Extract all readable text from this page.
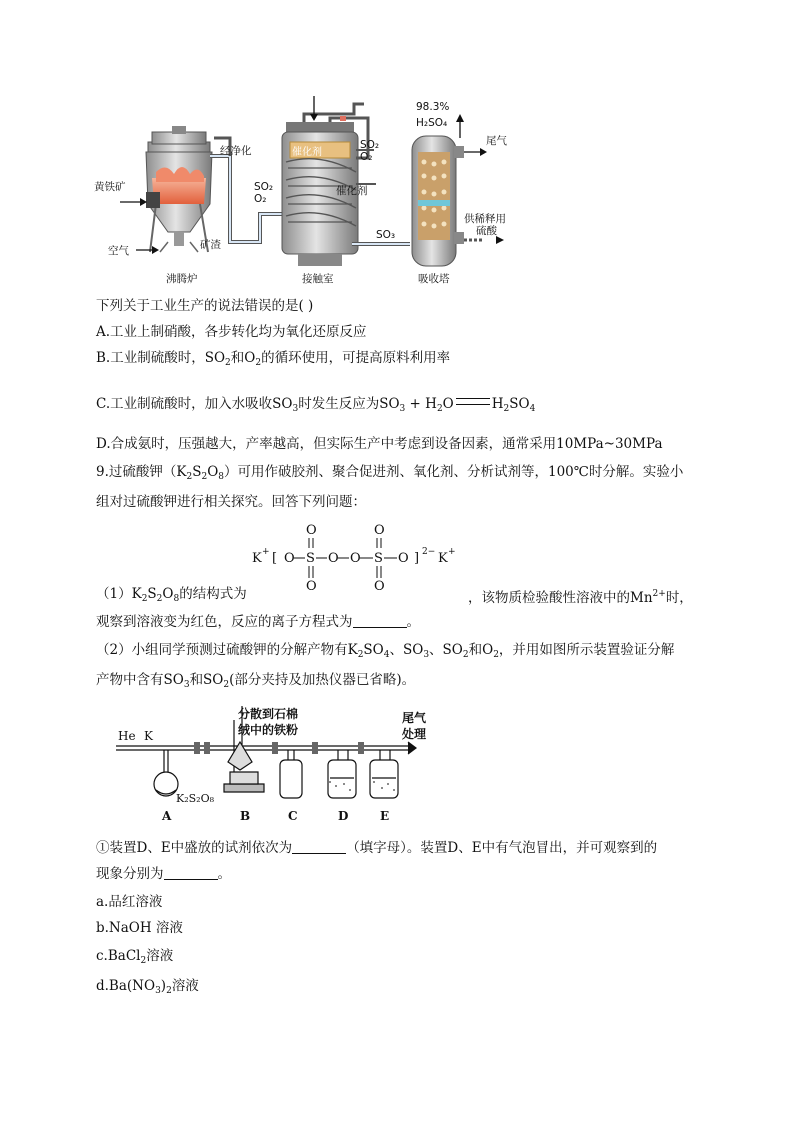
黄铁矿
经净化
SO₂
O₂
催化剂
SO₂
O₂
催化剂
SO₃
98.3%
H₂SO₄
尾气
供稀释用
硫酸
矿渣
空气
沸腾炉	接触室	吸收塔
下列关于工业生产的说法错误的是( )
A.工业上制硝酸，各步转化均为氧化还原反应
B.工业制硫酸时，$SO_2$和$O_2$的循环使用，可提高原料利用率
C.工业制硫酸时，加入水吸收$SO_3$时发生反应为$SO_3 + H_2O$	$H_2SO_4$
D.合成氨时，压强越大，产率越高，但实际生产中考虑到设备因素，通常采用10MPa~30MPa
9.过硫酸钾$(K_2S_2O_8)$可用作破胶剂、聚合促进剂、氧化剂、分析试剂等，100℃时分解。实验小
组对过硫酸钾进行相关探究。回答下列问题：
K + [ O S
O
O
O O S
O
O
O ] 2− K +
$(1)K_2S_2O_8$的结构式为	，该物质检验酸性溶液中的$Mn^{2+}$时，
观察到溶液变为红色，反应的离子方程式为	。
（2）小组同学预测过硫酸钾的分解产物有$K_2SO_4$、$SO_3$、$SO_2$和$O_2$，并用如图所示装置验证分解
产物中含有$SO_3$和$SO_2$(部分夹持及加热仪器已省略)。
He K
分散到石棉
绒中的铁粉
尾气
处理
K₂S₂O₈
A	B	C	D	E
①装置D、E中盛放的试剂依次为	（填字母）。装置D、E中有气泡冒出，并可观察到的
现象分别为	。
a.品红溶液
b.NaOH 溶液
c.BaCl$_2$溶液
$d.Ba(NO_3)_2$溶液
